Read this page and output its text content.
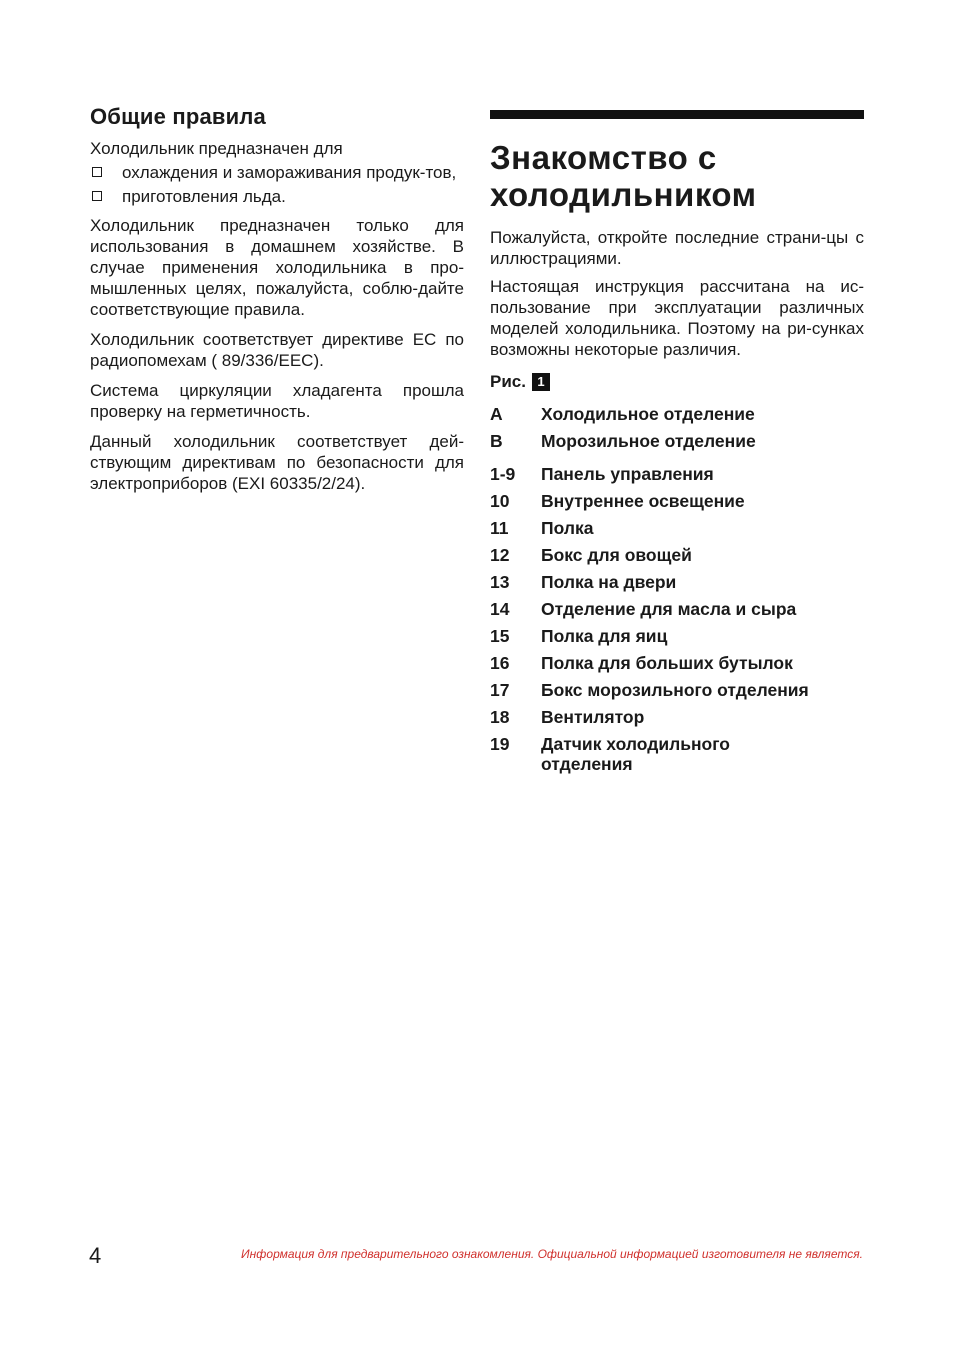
Общие правила

Холодильник предназначен для

охлаждения и замораживания продук-тов,
приготовления льда.

Холодильник предназначен только для использования в домашнем хозяйстве. В случае применения холодильника в про-мышленных целях, пожалуйста, соблю-дайте соответствующие правила.

Холодильник соответствует директиве ЕС по радиопомехам ( 89/336/EEC).

Система циркуляции хладагента прошла проверку на герметичность.

Данный холодильник соответствует дей-ствующим директивам по безопасности для электроприборов (EXI 60335/2/24).

Знакомство с
холодильником

Пожалуйста, откройте последние страни-цы с иллюстрациями.

Настоящая инструкция рассчитана на ис-пользование при эксплуатации различных моделей холодильника. Поэтому на ри-сунках возможны некоторые различия.

Рис. 1
A	Холодильное отделение
B	Морозильное отделение
1-9	Панель управления
10	Внутреннее освещение
11	Полка
12	Бокс для овощей
13	Полка на двери
14	Отделение для масла и сыра
15	Полка для яиц
16	Полка для больших бутылок
17	Бокс морозильного отделения
18	Вентилятор
19	Датчик холодильного отделения
4	Информация для предварительного ознакомления. Официальной информацией изготовителя не является.
